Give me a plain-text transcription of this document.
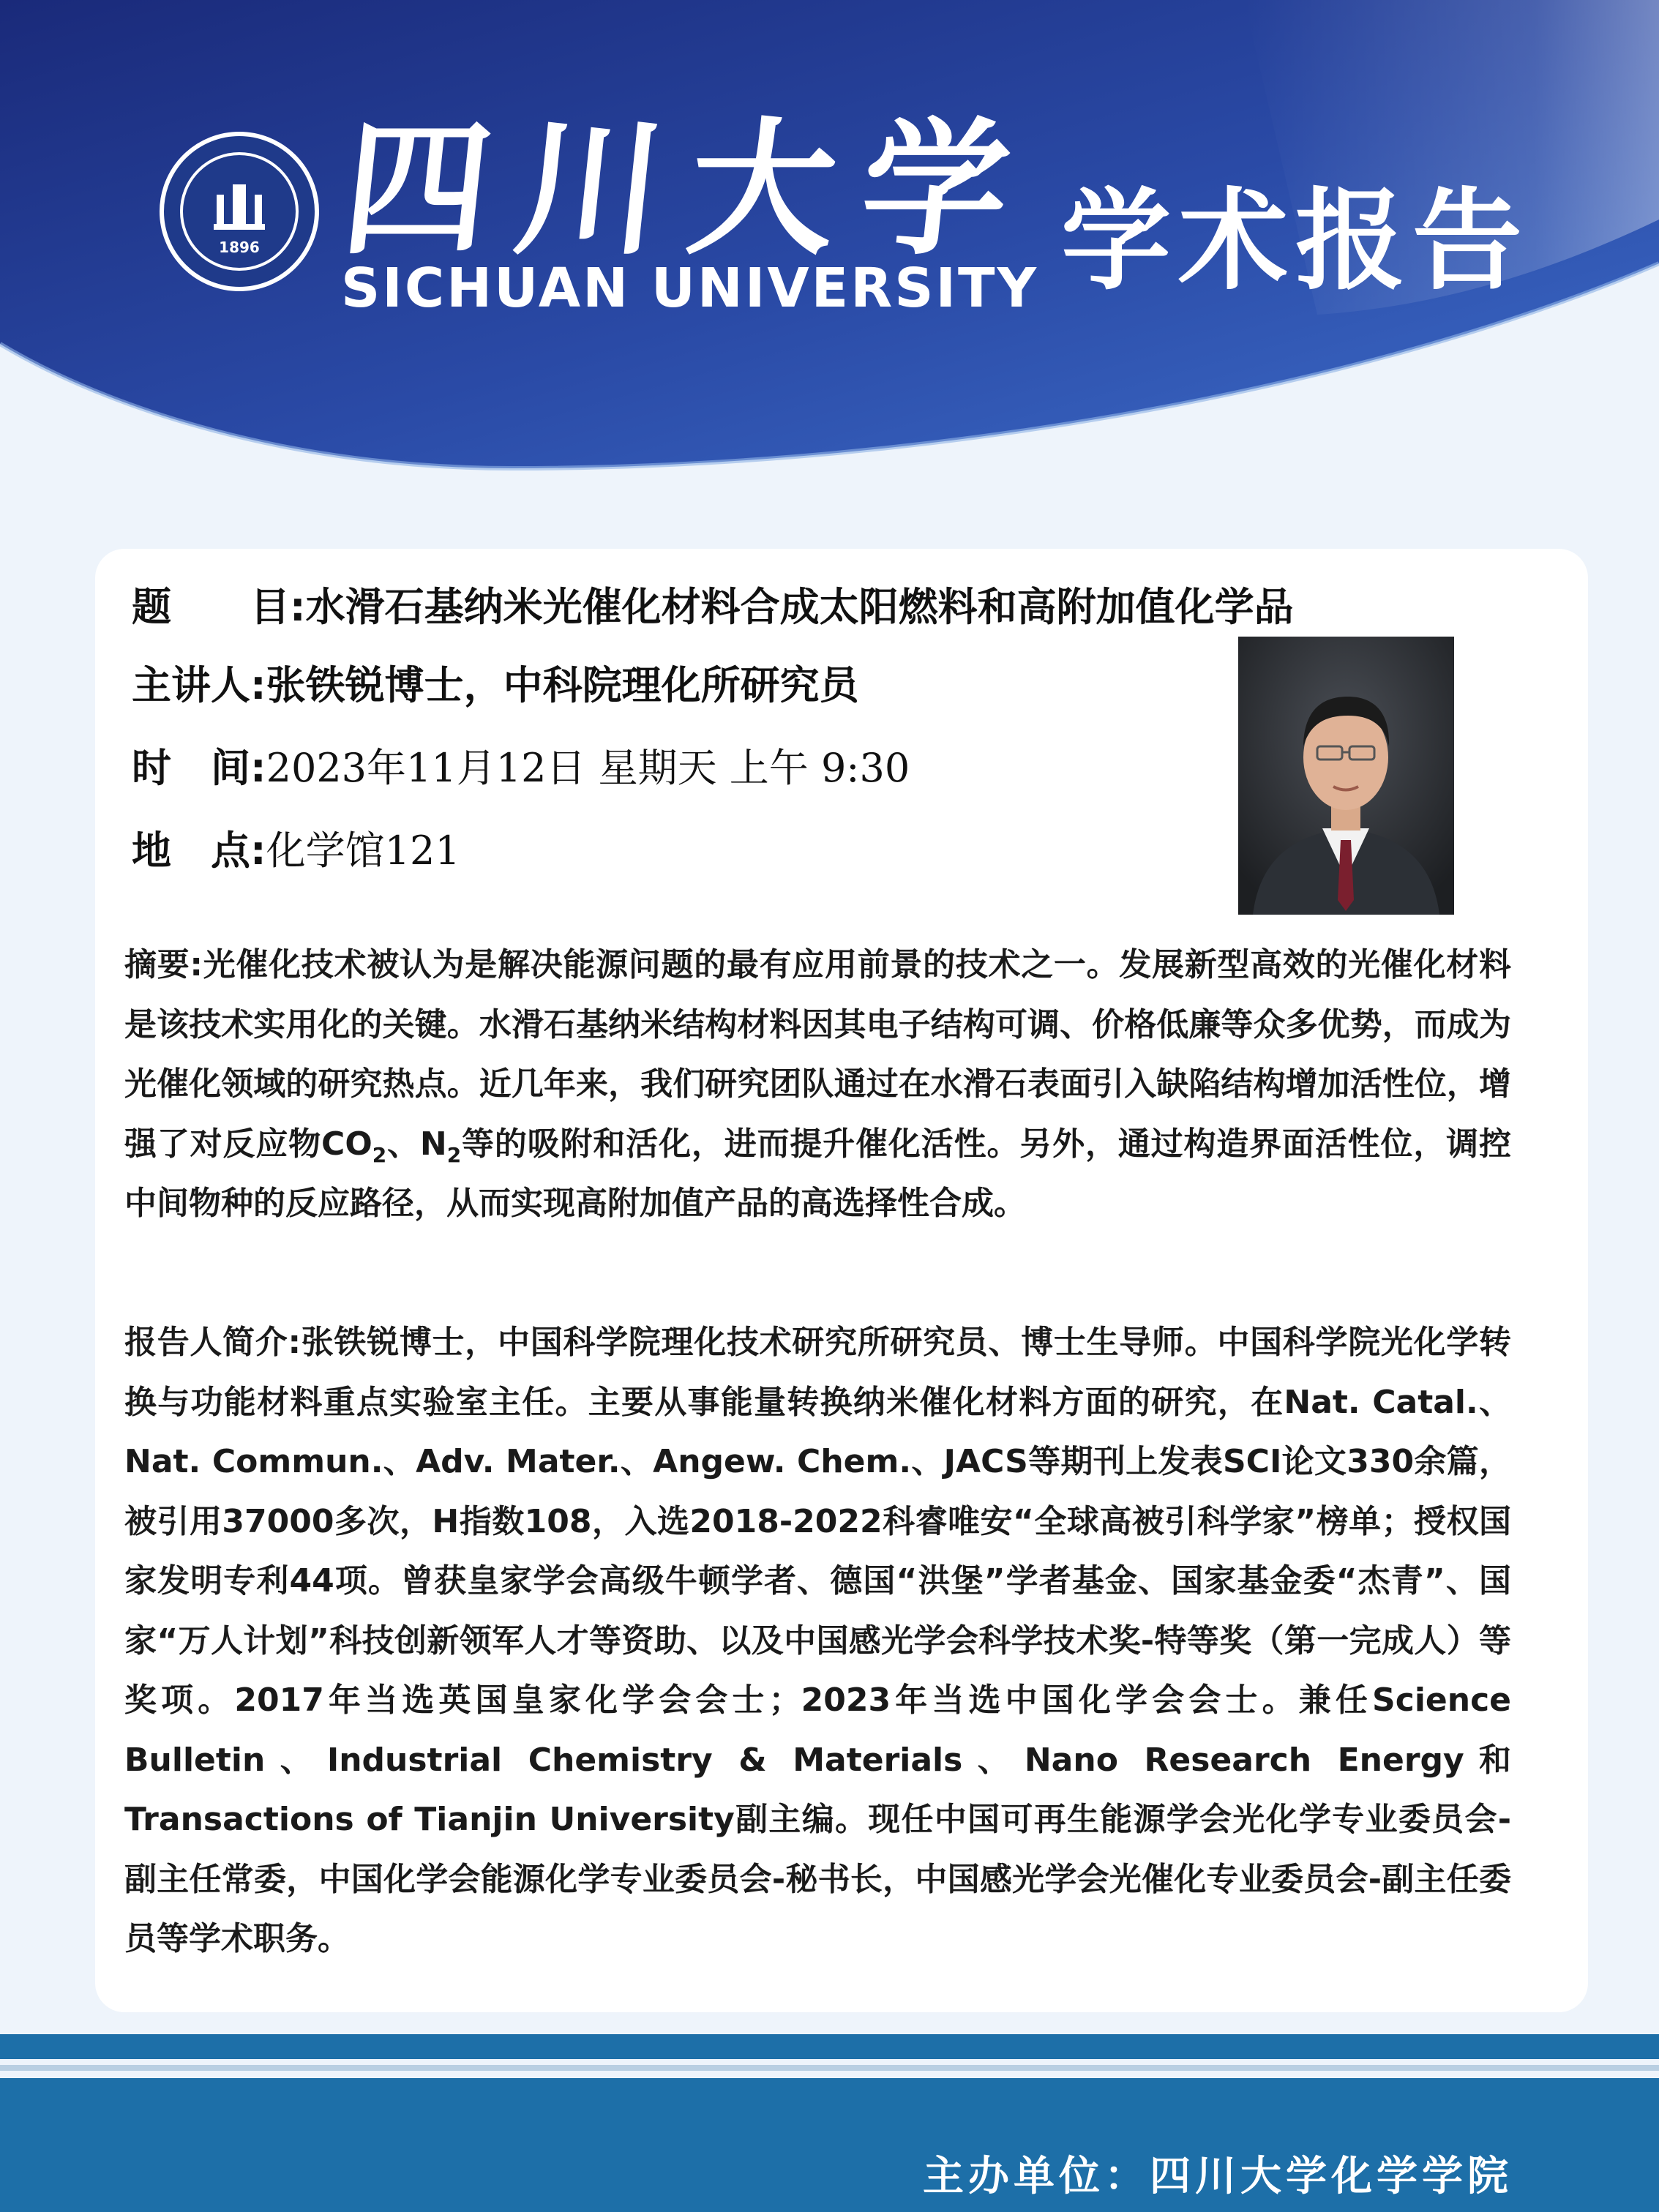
1896 四川大学
SICHUAN UNIVERSITY 学术报告
题　　目:水滑石基纳米光催化材料合成太阳燃料和高附加值化学品
主讲人:张铁锐博士，中科院理化所研究员
时　间:2023年11月12日 星期天 上午 9:30
地　点:化学馆121

摘要:光催化技术被认为是解决能源问题的最有应用前景的技术之一。发展新型高效的光催化材料是该技术实用化的关键。水滑石基纳米结构材料因其电子结构可调、价格低廉等众多优势，而成为光催化领域的研究热点。近几年来，我们研究团队通过在水滑石表面引入缺陷结构增加活性位，增强了对反应物$CO_2$、$N_2$等的吸附和活化，进而提升催化活性。另外，通过构造界面活性位，调控中间物种的反应路径，从而实现高附加值产品的高选择性合成。

报告人简介:张铁锐博士，中国科学院理化技术研究所研究员、博士生导师。中国科学院光化学转换与功能材料重点实验室主任。主要从事能量转换纳米催化材料方面的研究，在Nat. Catal.、Nat. Commun.、Adv. Mater.、Angew. Chem.、JACS等期刊上发表SCI论文330余篇，被引用37000多次，H指数108，入选2018-2022科睿唯安“全球高被引科学家”榜单；授权国家发明专利44项。曾获皇家学会高级牛顿学者、德国“洪堡”学者基金、国家基金委“杰青”、国家“万人计划”科技创新领军人才等资助、以及中国感光学会科学技术奖-特等奖（第一完成人）等奖项。2017年当选英国皇家化学会会士；2023年当选中国化学会会士。兼任Science Bulletin、Industrial Chemistry & Materials、Nano Research Energy和Transactions of Tianjin University副主编。现任中国可再生能源学会光化学专业委员会-副主任常委，中国化学会能源化学专业委员会-秘书长，中国感光学会光催化专业委员会-副主任委员等学术职务。

主办单位：四川大学化学学院
